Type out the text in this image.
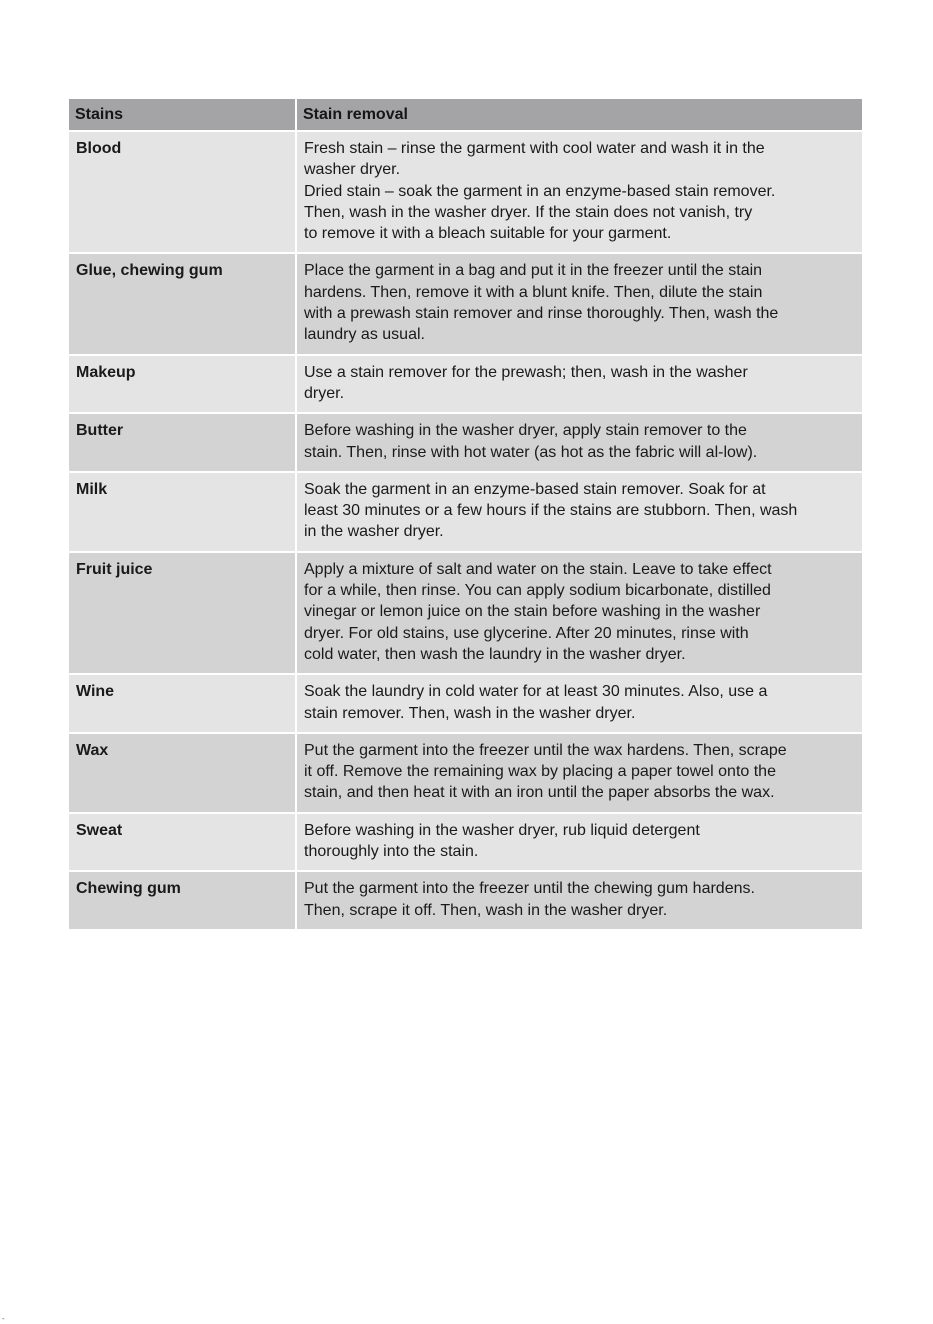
Stains	Stain removal
Blood	Fresh stain – rinse the garment with cool water and wash it in the
washer dryer.
Dried stain – soak the garment in an enzyme-based stain remover.
Then, wash in the washer dryer. If the stain does not vanish, try
to remove it with a bleach suitable for your garment.

Glue, chewing gum	Place the garment in a bag and put it in the freezer until the stain
hardens. Then, remove it with a blunt knife. Then, dilute the stain
with a prewash stain remover and rinse thoroughly. Then, wash the
laundry as usual.

Makeup	Use a stain remover for the prewash; then, wash in the washer
dryer.

Butter	Before washing in the washer dryer, apply stain remover to the
stain. Then, rinse with hot water (as hot as the fabric will al-low).

Milk	Soak the garment in an enzyme-based stain remover. Soak for at
least 30 minutes or a few hours if the stains are stubborn. Then, wash
in the washer dryer.

Fruit juice	Apply a mixture of salt and water on the stain. Leave to take effect
for a while, then rinse. You can apply sodium bicarbonate, distilled
vinegar or lemon juice on the stain before washing in the washer
dryer. For old stains, use glycerine. After 20 minutes, rinse with
cold water, then wash the laundry in the washer dryer.

Wine	Soak the laundry in cold water for at least 30 minutes. Also, use a
stain remover. Then, wash in the washer dryer.

Wax	Put the garment into the freezer until the wax hardens. Then, scrape
it off. Remove the remaining wax by placing a paper towel onto the
stain, and then heat it with an iron until the paper absorbs the wax.

Sweat	Before washing in the washer dryer, rub liquid detergent
thoroughly into the stain.

Chewing gum	Put the garment into the freezer until the chewing gum hardens.
Then, scrape it off. Then, wash in the washer dryer.
-
